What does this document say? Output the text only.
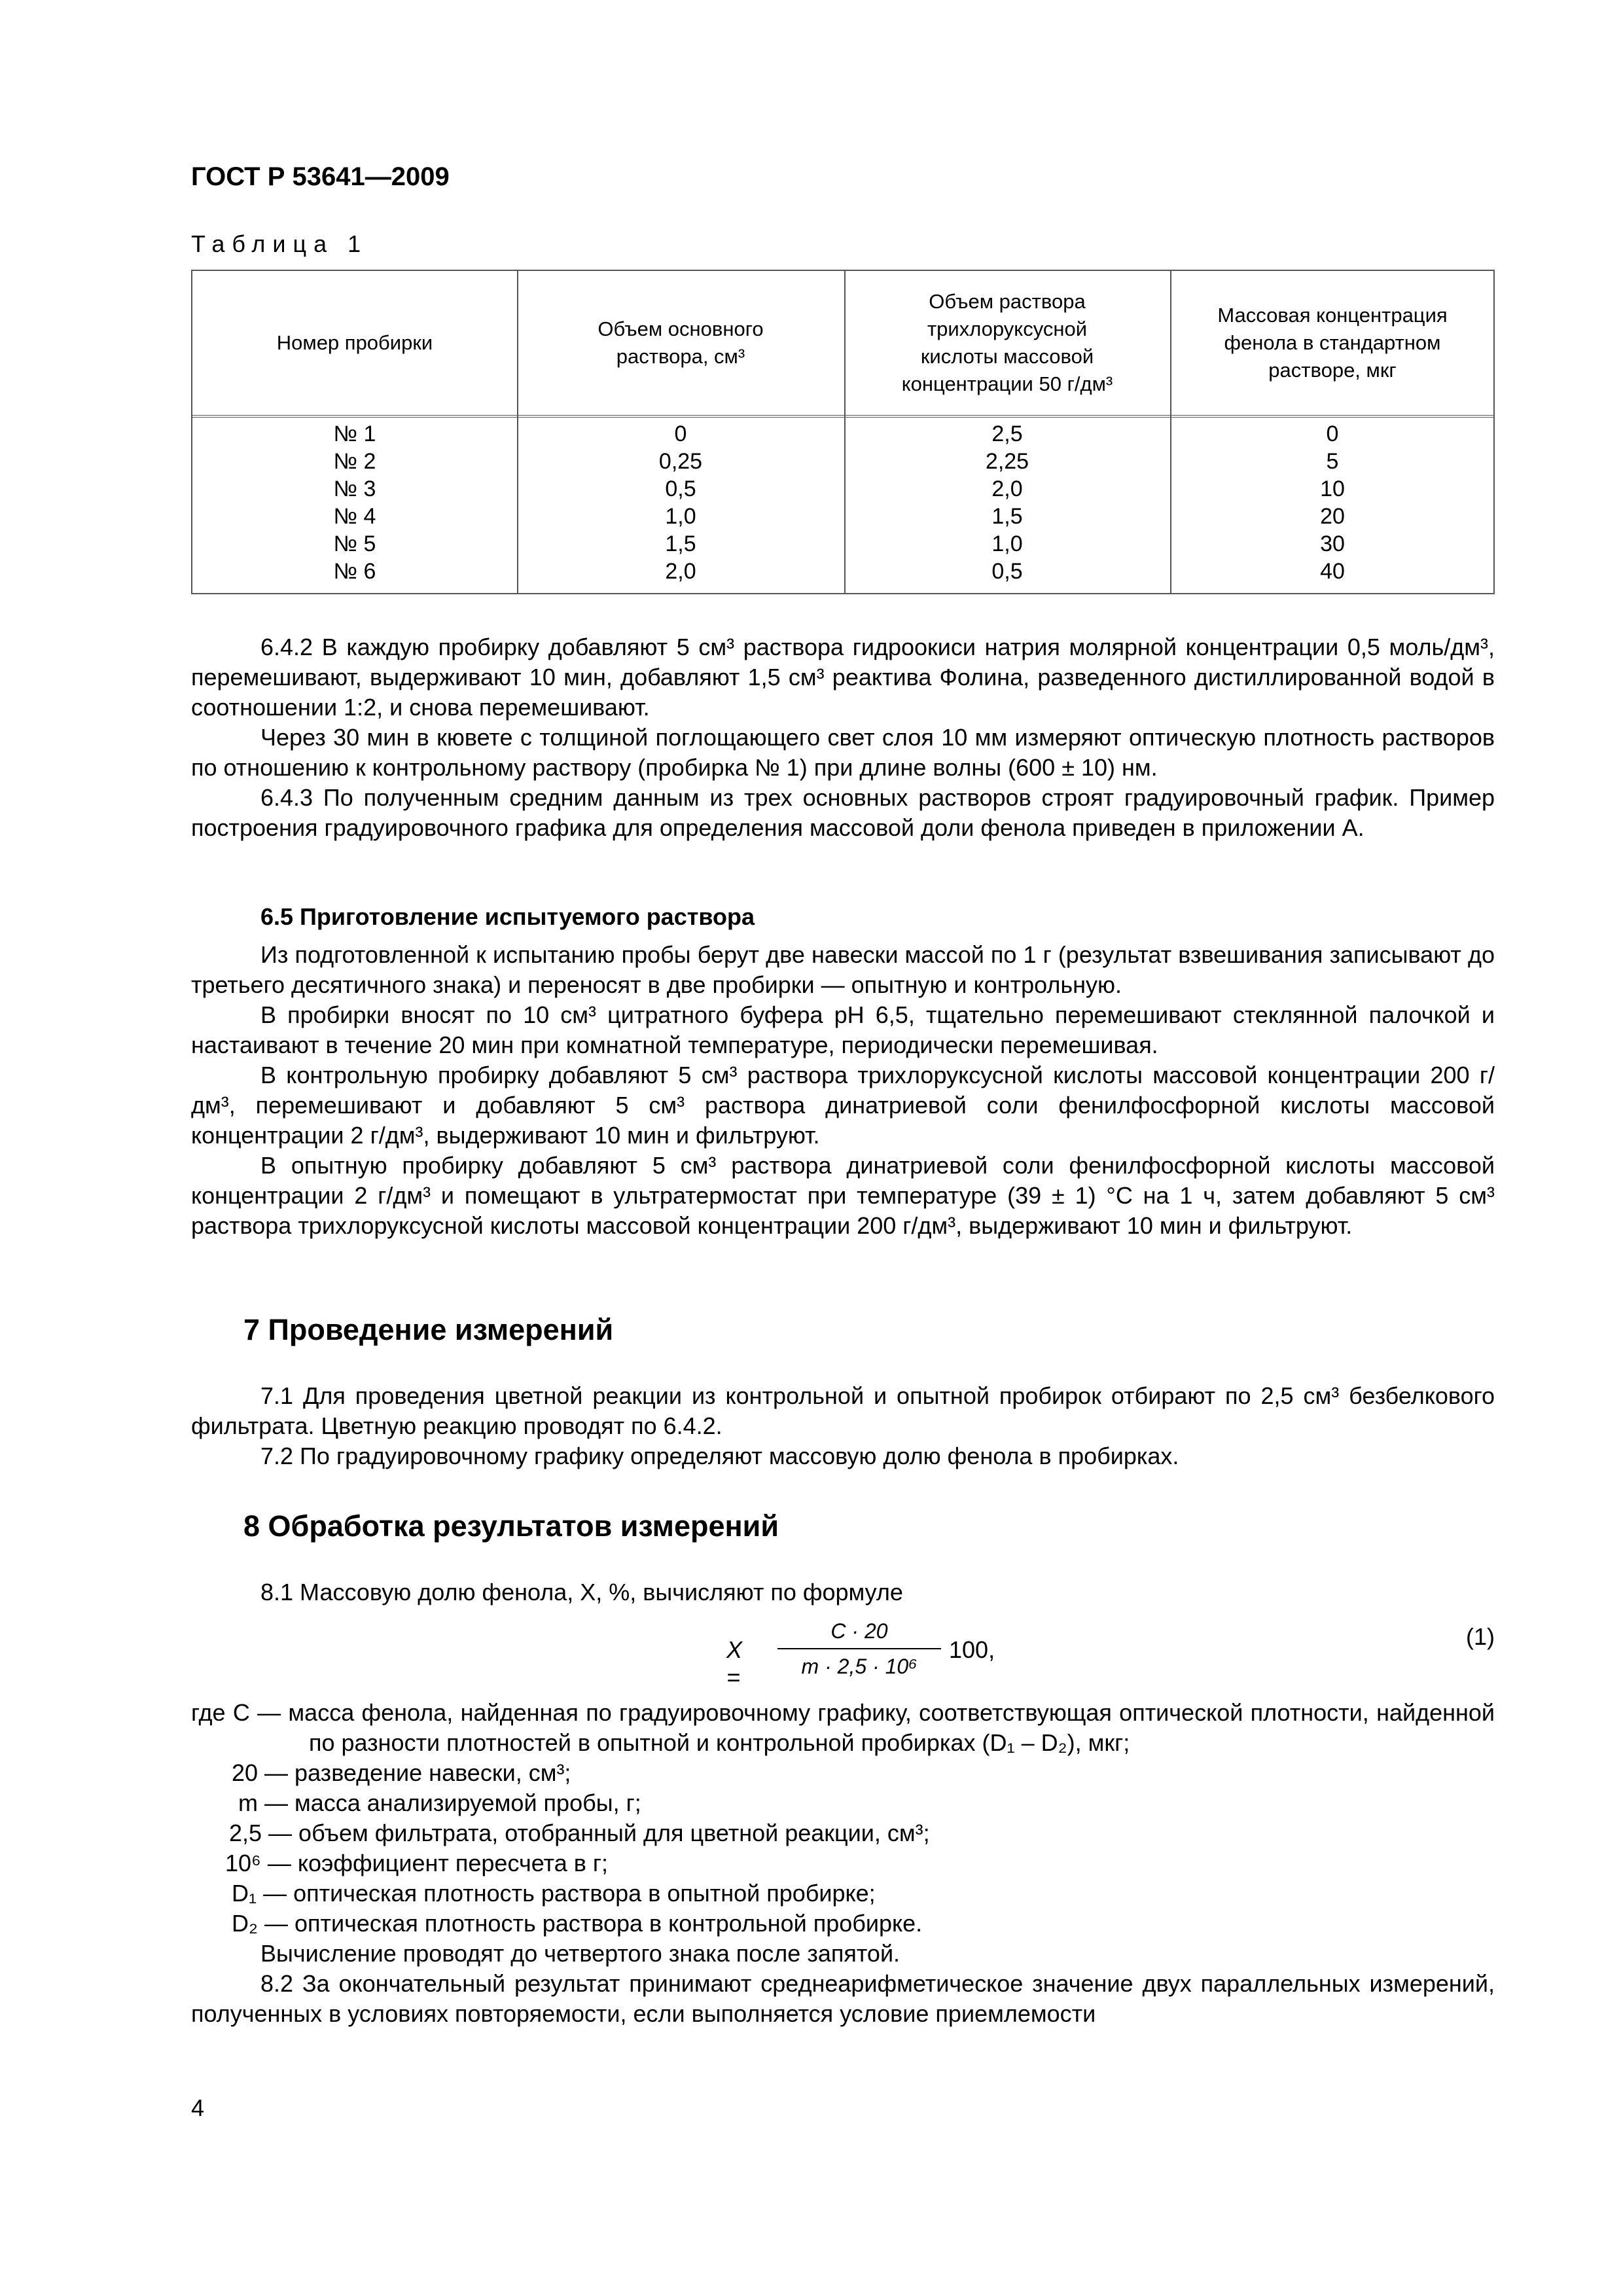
ГОСТ Р 53641—2009
Таблица 1
Номер пробирки
Объем основного раствора, см³
Объем раствора трихлоруксусной кислоты массовой концентрации 50 г/дм³
Массовая концентрация фенола в стандартном растворе, мкг
№ 1
№ 2
№ 3
№ 4
№ 5
№ 6
0
0,25
0,5
1,0
1,5
2,0
2,5
2,25
2,0
1,5
1,0
0,5
0
5
10
20
30
40

6.4.2 В каждую пробирку добавляют 5 см³ раствора гидроокиси натрия молярной концентрации 0,5 моль/дм³, перемешивают, выдерживают 10 мин, добавляют 1,5 см³ реактива Фолина, разведенного дистиллированной водой в соотношении 1:2, и снова перемешивают.

Через 30 мин в кювете с толщиной поглощающего свет слоя 10 мм измеряют оптическую плотность растворов по отношению к контрольному раствору (пробирка № 1) при длине волны (600 ± 10) нм.

6.4.3 По полученным средним данным из трех основных растворов строят градуировочный график. Пример построения градуировочного графика для определения массовой доли фенола приведен в приложении А.

6.5 Приготовление испытуемого раствора

Из подготовленной к испытанию пробы берут две навески массой по 1 г (результат взвешивания записывают до третьего десятичного знака) и переносят в две пробирки — опытную и контрольную.

В пробирки вносят по 10 см³ цитратного буфера рН 6,5, тщательно перемешивают стеклянной палочкой и настаивают в течение 20 мин при комнатной температуре, периодически перемешивая.

В контрольную пробирку добавляют 5 см³ раствора трихлоруксусной кислоты массовой концентрации 200 г/дм³, перемешивают и добавляют 5 см³ раствора динатриевой соли фенилфосфорной кислоты массовой концентрации 2 г/дм³, выдерживают 10 мин и фильтруют.

В опытную пробирку добавляют 5 см³ раствора динатриевой соли фенилфосфорной кислоты массовой концентрации 2 г/дм³ и помещают в ультратермостат при температуре (39 ± 1) °С на 1 ч, затем добавляют 5 см³ раствора трихлоруксусной кислоты массовой концентрации 200 г/дм³, выдерживают 10 мин и фильтруют.

7 Проведение измерений

7.1 Для проведения цветной реакции из контрольной и опытной пробирок отбирают по 2,5 см³ безбелкового фильтрата. Цветную реакцию проводят по 6.4.2.

7.2 По градуировочному графику определяют массовую долю фенола в пробирках.

8 Обработка результатов измерений

8.1 Массовую долю фенола, X, %, вычисляют по формуле

X =
C · 20
m · 2,5 · 10⁶
100,	(1)
где C — масса фенола, найденная по градуировочному графику, соответствующая оптической плотности, найденной по разности плотностей в опытной и контрольной пробирках (D₁ – D₂), мкг;
20 — разведение навески, см³;
m — масса анализируемой пробы, г;
2,5 — объем фильтрата, отобранный для цветной реакции, см³;
10⁶ — коэффициент пересчета в г;
D₁ — оптическая плотность раствора в опытной пробирке;
D₂ — оптическая плотность раствора в контрольной пробирке.
Вычисление проводят до четвертого знака после запятой.
8.2 За окончательный результат принимают среднеарифметическое значение двух параллельных измерений, полученных в условиях повторяемости, если выполняется условие приемлемости
4
